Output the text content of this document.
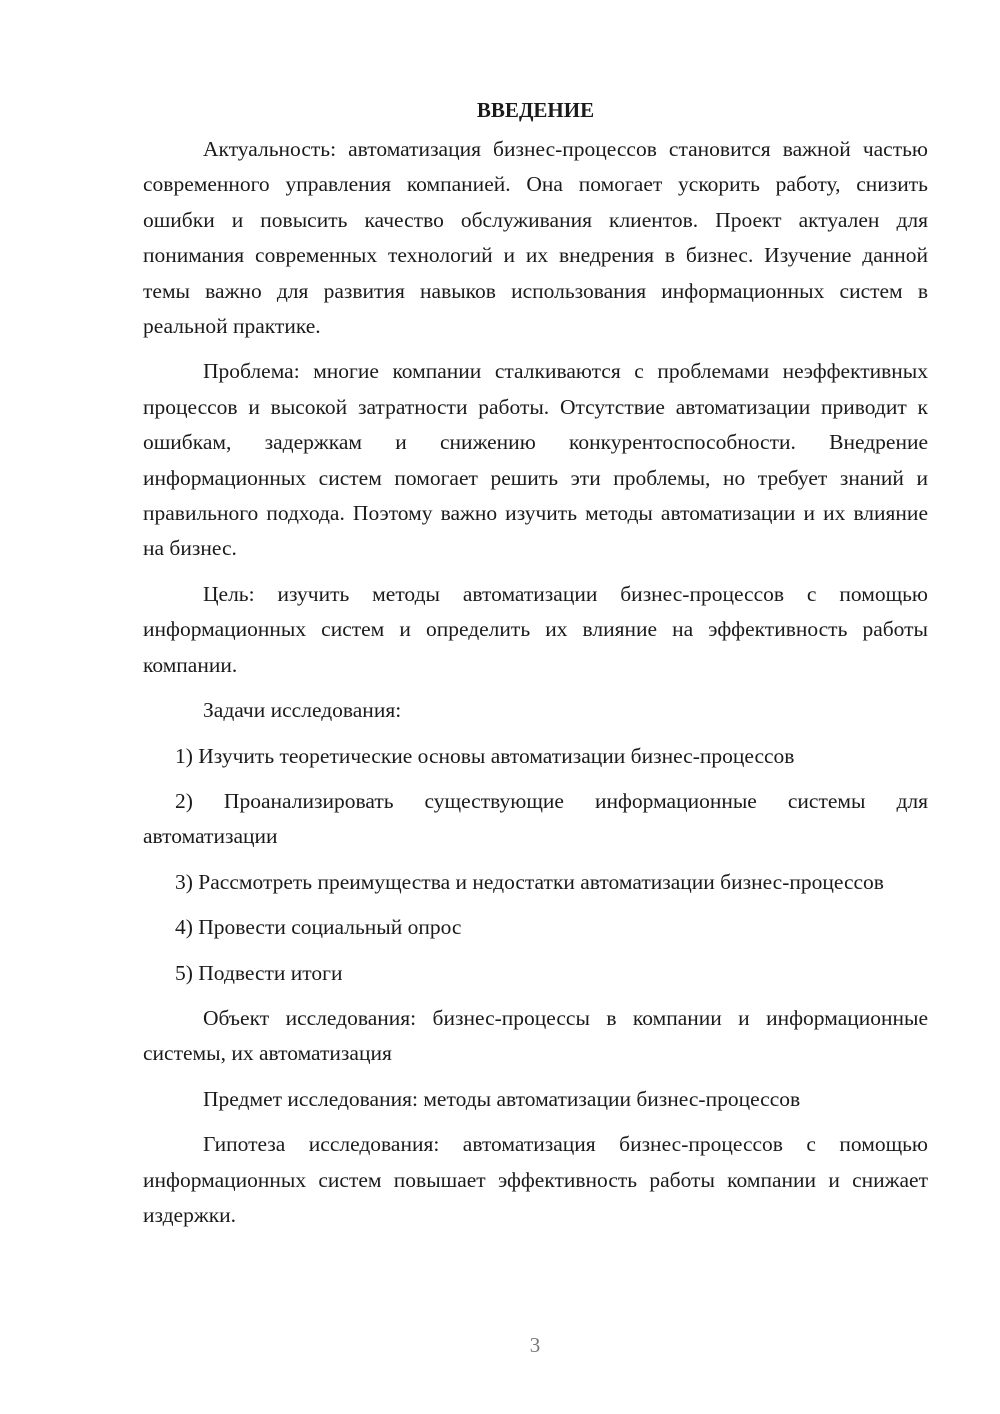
ВВЕДЕНИЕ

Актуальность: автоматизация бизнес-процессов становится важной частью современного управления компанией. Она помогает ускорить работу, снизить ошибки и повысить качество обслуживания клиентов. Проект актуален для понимания современных технологий и их внедрения в бизнес. Изучение данной темы важно для развития навыков использования информационных систем в реальной практике.

Проблема: многие компании сталкиваются с проблемами неэффективных процессов и высокой затратности работы. Отсутствие автоматизации приводит к ошибкам, задержкам и снижению конкурентоспособности. Внедрение информационных систем помогает решить эти проблемы, но требует знаний и правильного подхода. Поэтому важно изучить методы автоматизации и их влияние на бизнес.

Цель: изучить методы автоматизации бизнес-процессов с помощью информационных систем и определить их влияние на эффективность работы компании.

Задачи исследования:

1) Изучить теоретические основы автоматизации бизнес-процессов

2) Проанализировать существующие информационные системы для автоматизации

3) Рассмотреть преимущества и недостатки автоматизации бизнес-процессов

4) Провести социальный опрос

5) Подвести итоги

Объект исследования: бизнес-процессы в компании и информационные системы, их автоматизация

Предмет исследования: методы автоматизации бизнес-процессов

Гипотеза исследования: автоматизация бизнес-процессов с помощью информационных систем повышает эффективность работы компании и снижает издержки.

3
